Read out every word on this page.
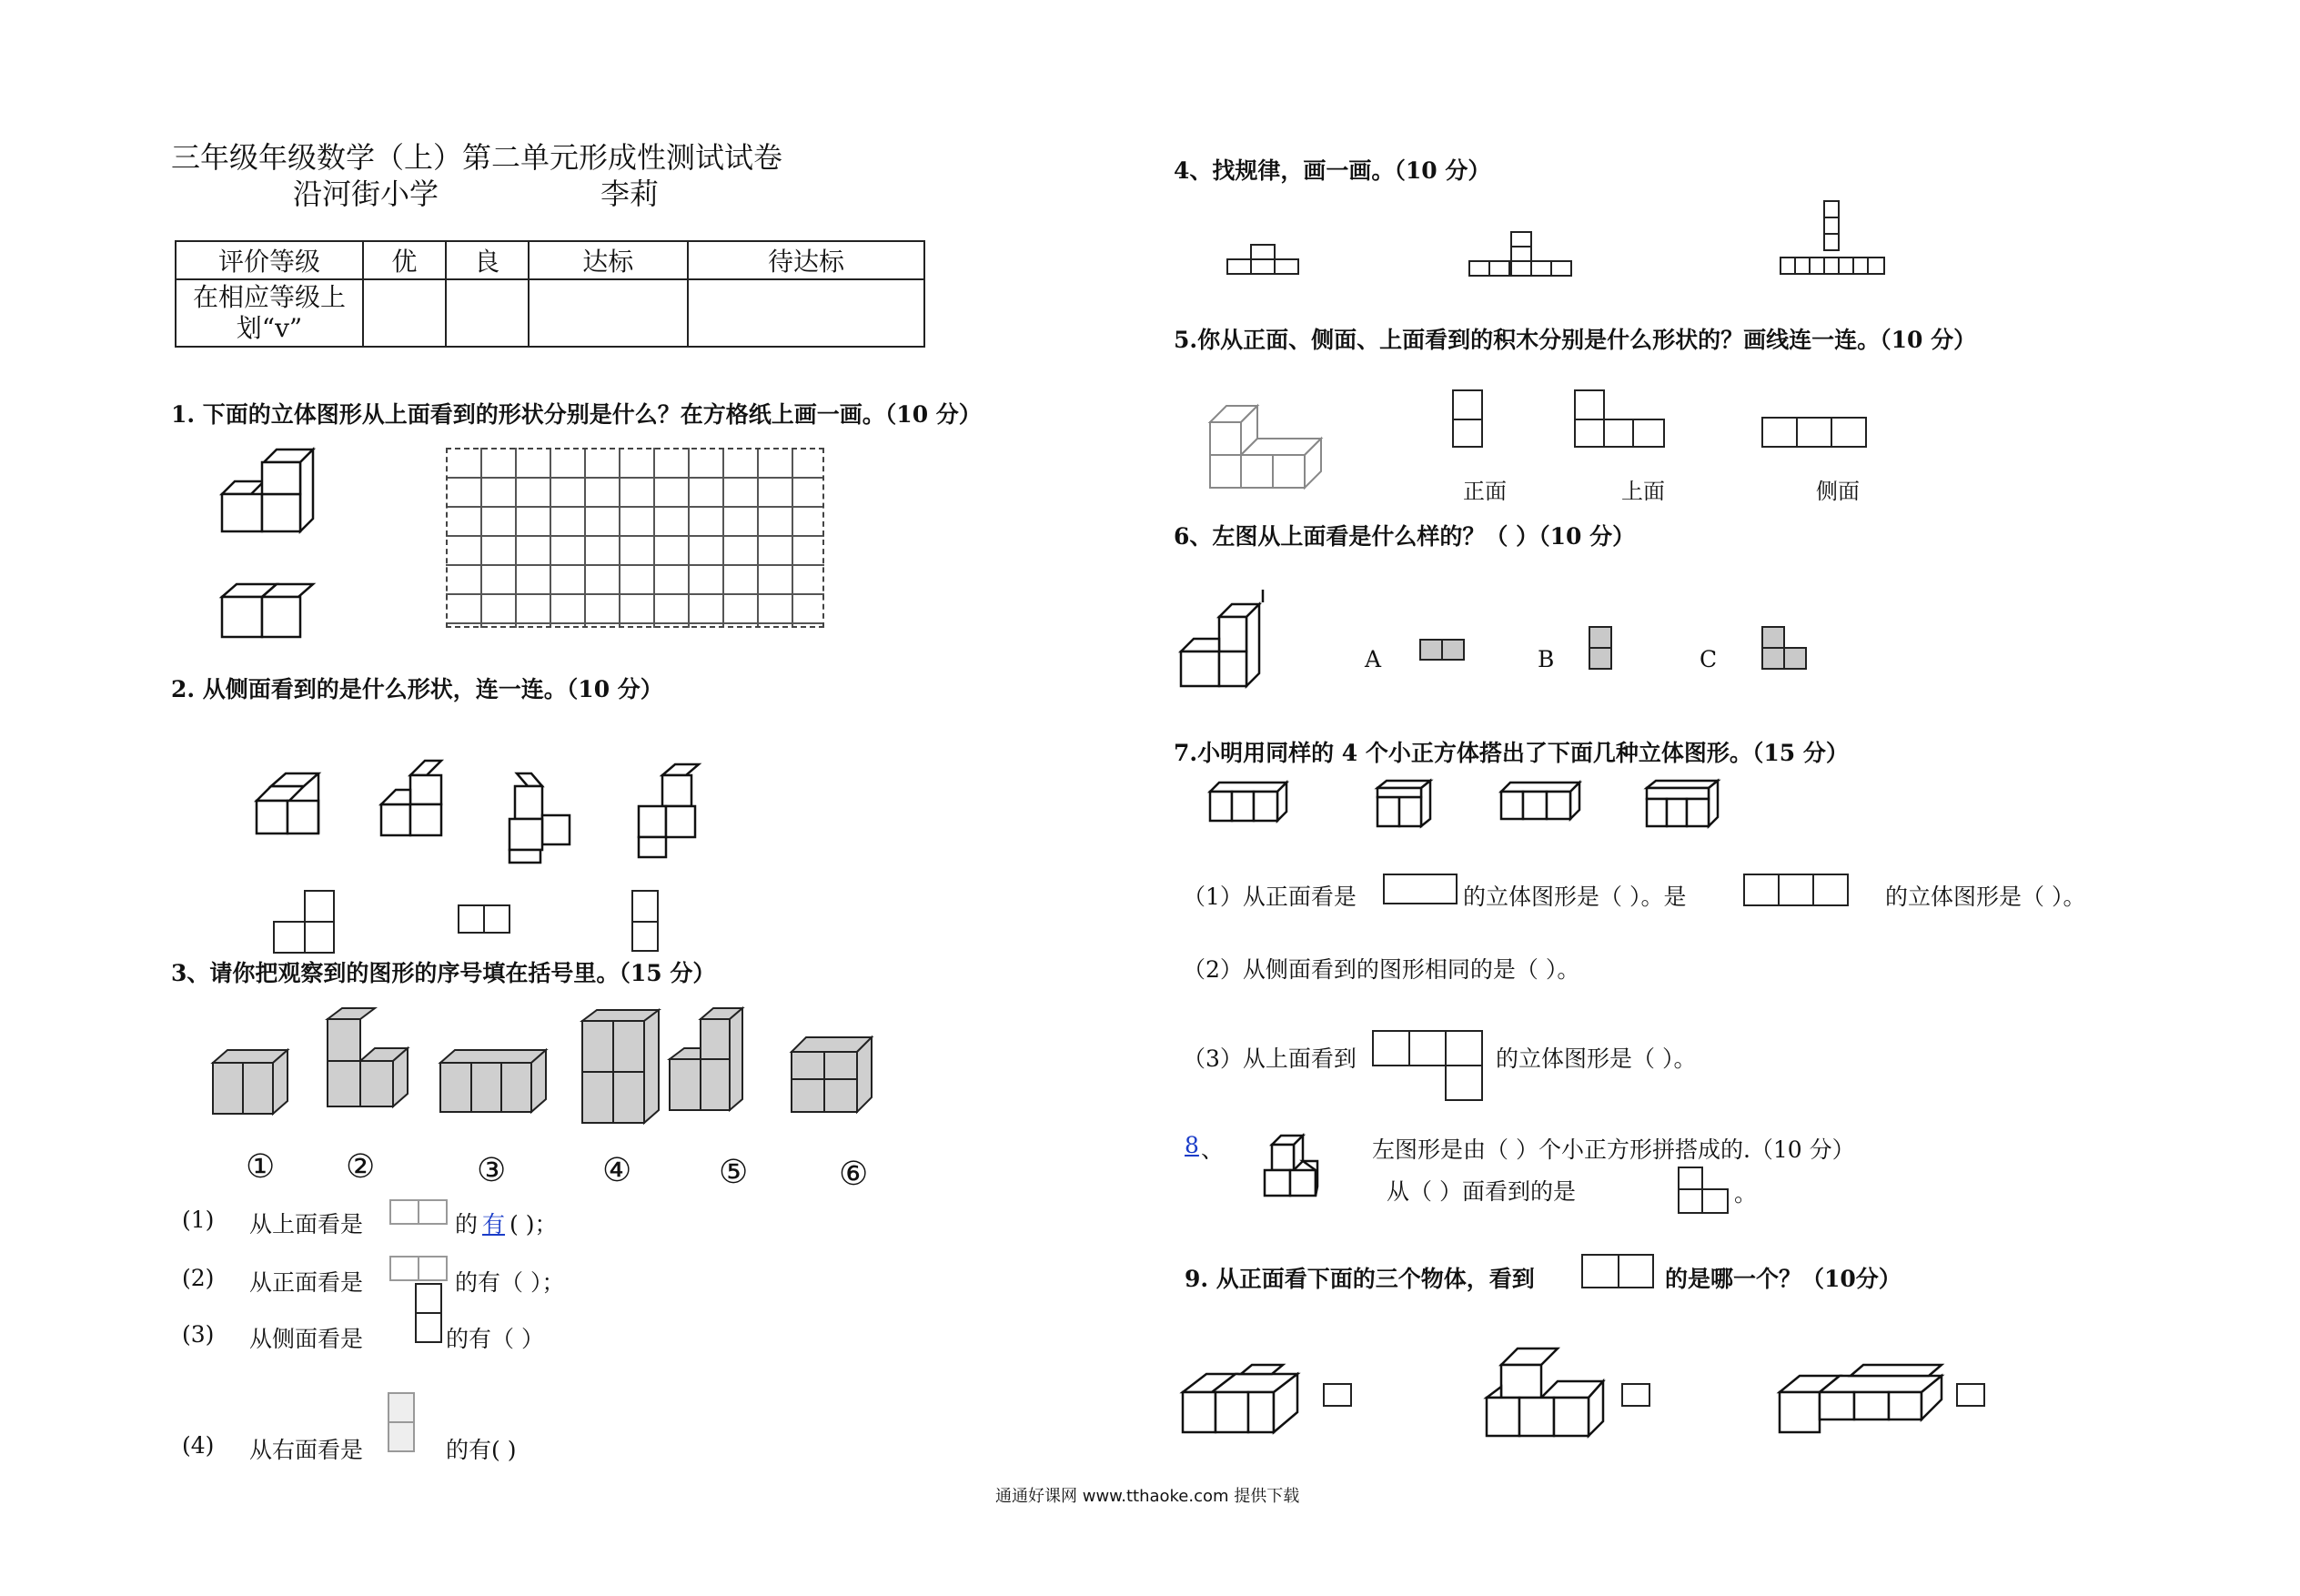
三年级年级数学（上）第二单元形成性测试试卷
沿河街小学	李莉
评价等级	优	良	达标	待达标
在相应等级上
划“v”				
1. 下面的立体图形从上面看到的形状分别是什么？在方格纸上画一画。（10 分）
2. 从侧面看到的是什么形状，连一连。（10 分）
3、请你把观察到的图形的序号填在括号里。（15 分）
① ②	③	④	⑤	⑥
(1) 从上面看是	的 有 ( )；
(2) 从正面看是	的有（ ）；
(3) 从侧面看是	的有（ ）
(4) 从右面看是	的有( )
4、找规律，画一画。（10 分）
5.你从正面、侧面、上面看到的积木分别是什么形状的？画线连一连。（10 分）
正面	上面	侧面
6、左图从上面看是什么样的？（ ）（10 分）
A	B	C
7.小明用同样的 4 个小正方体搭出了下面几种立体图形。（15 分）
（1）从正面看是	的立体图形是（ ）。是	的立体图形是（ ）。
（2）从侧面看到的图形相同的是（ ）。
（3）从上面看到	的立体图形是（ ）。
8 、	左图形是由（ ）个小正方形拼搭成的.（10 分）
从（ ）面看到的是	。
9. 从正面看下面的三个物体，看到	的是哪一个？（10分）
通通好课网 www.tthaoke.com 提供下载
